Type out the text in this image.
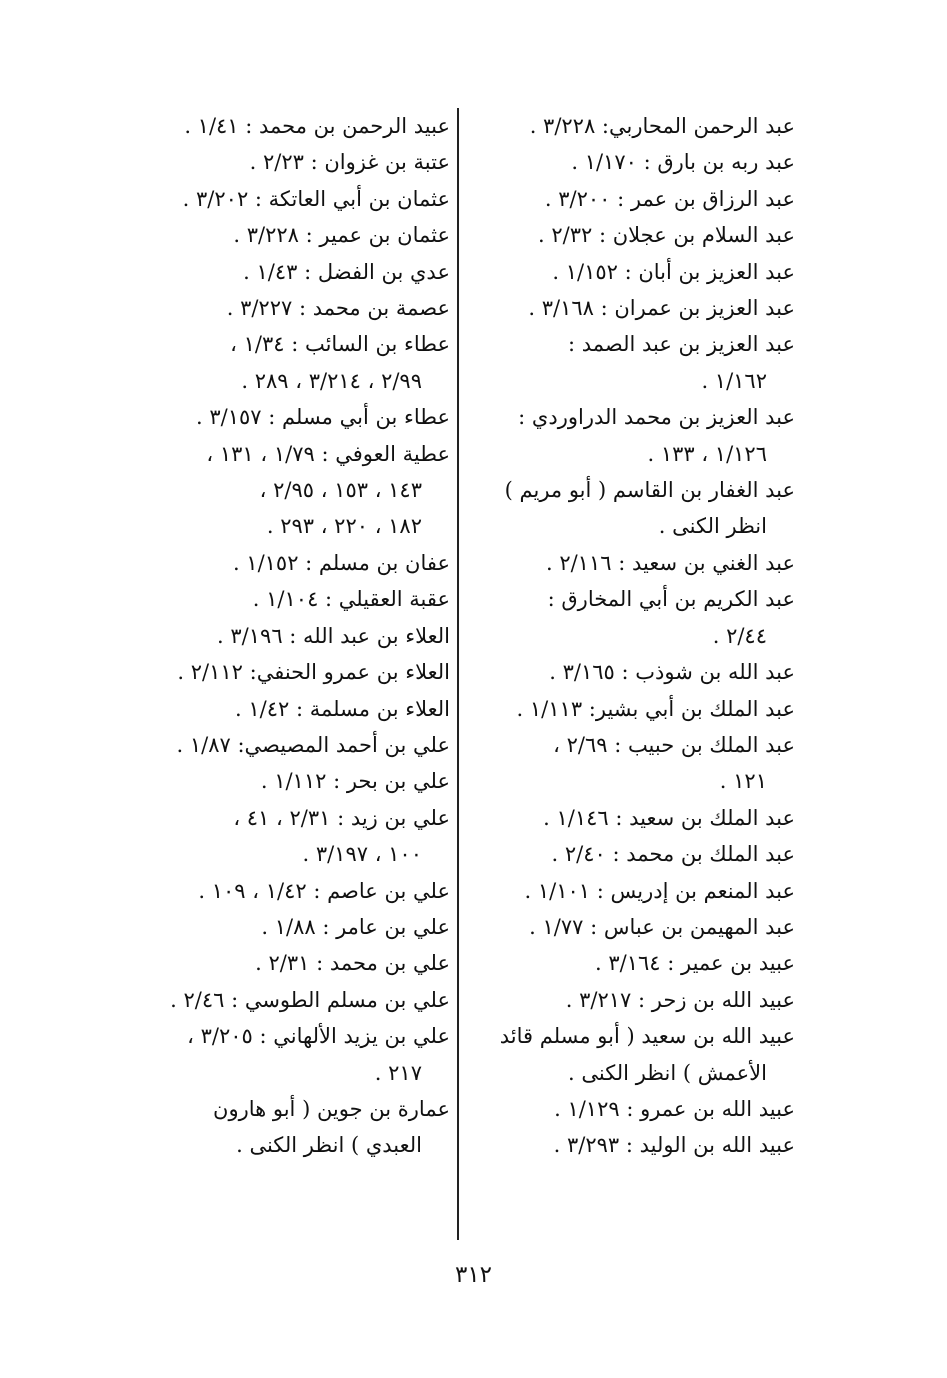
عبد الرحمن المحاربي: ٣/٢٢٨ .
عبد ربه بن بارق : ١/١٧٠ .
عبد الرزاق بن عمر : ٣/٢٠٠ .
عبد السلام بن عجلان : ٢/٣٢ .
عبد العزيز بن أبان : ١/١٥٢ .
عبد العزيز بن عمران : ٣/١٦٨ .
عبد العزيز بن عبد الصمد :
١/١٦٢ .
عبد العزيز بن محمد الدراوردي :
١/١٢٦ ، ١٣٣ .
عبد الغفار بن القاسم ( أبو مريم )
انظر الكنى .
عبد الغني بن سعيد : ٢/١١٦ .
عبد الكريم بن أبي المخارق :
٢/٤٤ .
عبد الله بن شوذب : ٣/١٦٥ .
عبد الملك بن أبي بشير: ١/١١٣ .
عبد الملك بن حبيب : ٢/٦٩ ،
١٢١ .
عبد الملك بن سعيد : ١/١٤٦ .
عبد الملك بن محمد : ٢/٤٠ .
عبد المنعم بن إدريس : ١/١٠١ .
عبد المهيمن بن عباس : ١/٧٧ .
عبيد بن عمير : ٣/١٦٤ .
عبيد الله بن زحر : ٣/٢١٧ .
عبيد الله بن سعيد ( أبو مسلم قائد
الأعمش ) انظر الكنى .
عبيد الله بن عمرو : ١/١٢٩ .
عبيد الله بن الوليد : ٣/٢٩٣ .
عبيد الرحمن بن محمد : ١/٤١ .
عتبة بن غزوان : ٢/٢٣ .
عثمان بن أبي العاتكة : ٣/٢٠٢ .
عثمان بن عمير : ٣/٢٢٨ .
عدي بن الفضل : ١/٤٣ .
عصمة بن محمد : ٣/٢٢٧ .
عطاء بن السائب : ١/٣٤ ،
٢/٩٩ ، ٣/٢١٤ ، ٢٨٩ .
عطاء بن أبي مسلم : ٣/١٥٧ .
عطية العوفي : ١/٧٩ ، ١٣١ ،
١٤٣ ، ١٥٣ ، ٢/٩٥ ،
١٨٢ ، ٢٢٠ ، ٢٩٣ .
عفان بن مسلم : ١/١٥٢ .
عقبة العقيلي : ١/١٠٤ .
العلاء بن عبد الله : ٣/١٩٦ .
العلاء بن عمرو الحنفي: ٢/١١٢ .
العلاء بن مسلمة : ١/٤٢ .
علي بن أحمد المصيصي: ١/٨٧ .
علي بن بحر : ١/١١٢ .
علي بن زيد : ٢/٣١ ، ٤١ ،
١٠٠ ، ٣/١٩٧ .
علي بن عاصم : ١/٤٢ ، ١٠٩ .
علي بن عامر : ١/٨٨ .
علي بن محمد : ٢/٣١ .
علي بن مسلم الطوسي : ٢/٤٦ .
علي بن يزيد الألهاني : ٣/٢٠٥ ،
٢١٧ .
عمارة بن جوين ( أبو هارون
العبدي ) انظر الكنى .
٣١٢
